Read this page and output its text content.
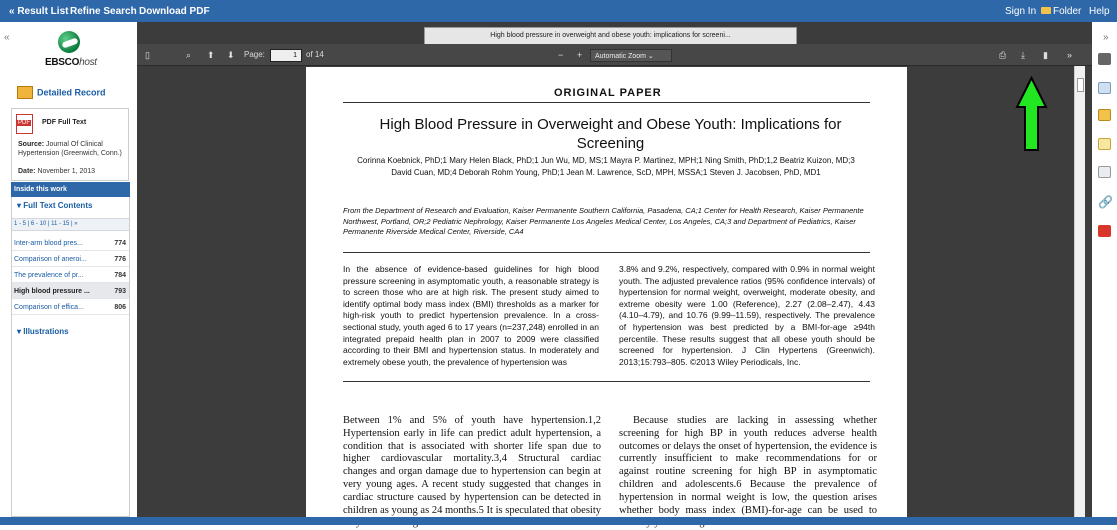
« Result List Refine Search Download PDF	Sign In	Folder Help
«
EBSCOhost
Detailed Record
PDF
PDF Full Text
Source: Journal Of Clinical Hypertension (Greenwich, Conn.)
Date: November 1, 2013
Inside this work
▾ Full Text Contents
1 - 5 | 6 - 10 | 11 - 15 | »
Inter-arm blood pres...	774
Comparison of aneroi...	776
The prevalence of pr...	784
High blood pressure ...	793
Comparison of effica...	806
▾ Illustrations
High blood pressure in overweight and obese youth: implications for screeni...
▯	⌕ ⬆ ⬇ Page:	1	of 14	− +	Automatic Zoom ⌄	⎙ ⤓ ▮ »
ORIGINAL PAPER
High Blood Pressure in Overweight and Obese Youth: Implications for Screening
Corinna Koebnick, PhD;1 Mary Helen Black, PhD;1 Jun Wu, MD, MS;1 Mayra P. Martinez, MPH;1 Ning Smith, PhD;1,2 Beatriz Kuizon, MD;3 David Cuan, MD;4 Deborah Rohm Young, PhD;1 Jean M. Lawrence, ScD, MPH, MSSA;1 Steven J. Jacobsen, PhD, MD1
From the Department of Research and Evaluation, Kaiser Permanente Southern California, Pasadena, CA;1 Center for Health Research, Kaiser Permanente Northwest, Portland, OR;2 Pediatric Nephrology, Kaiser Permanente Los Angeles Medical Center, Los Angeles, CA;3 and Department of Pediatrics, Kaiser Permanente Riverside Medical Center, Riverside, CA4
In the absence of evidence-based guidelines for high blood pressure screening in asymptomatic youth, a reasonable strategy is to screen those who are at high risk. The present study aimed to identify optimal body mass index (BMI) thresholds as a marker for high-risk youth to predict hypertension prevalence. In a cross-sectional study, youth aged 6 to 17 years (n=237,248) enrolled in an integrated prepaid health plan in 2007 to 2009 were classified according to their BMI and hypertension status. In moderately and extremely obese youth, the prevalence of hypertension was
3.8% and 9.2%, respectively, compared with 0.9% in normal weight youth. The adjusted prevalence ratios (95% confidence intervals) of hypertension for normal weight, overweight, moderate obesity, and extreme obesity were 1.00 (Reference), 2.27 (2.08–2.47), 4.43 (4.10–4.79), and 10.76 (9.99–11.59), respectively. The prevalence of hypertension was best predicted by a BMI-for-age ≥94th percentile. These results suggest that all obese youth should be screened for hypertension. J Clin Hypertens (Greenwich). 2013;15:793–805. ©2013 Wiley Periodicals, Inc.
Between 1% and 5% of youth have hypertension.1,2 Hypertension early in life can predict adult hypertension, a condition that is associated with shorter life span due to higher cardiovascular mortality.3,4 Structural cardiac changes and organ damage due to hypertension can begin at very young ages. A recent study suggested that changes in cardiac structure caused by hypertension can be detected in children as young as 24 months.5 It is speculated that obesity
Because studies are lacking in assessing whether screening for high BP in youth reduces adverse health outcomes or delays the onset of hypertension, the evidence is currently insufficient to make recommendations for or against routine screening for high BP in asymptomatic children and adolescents.6 Because the prevalence of hypertension in normal weight is low, the question arises whether body mass index (BMI)-for-age can be used to
»
🔗
